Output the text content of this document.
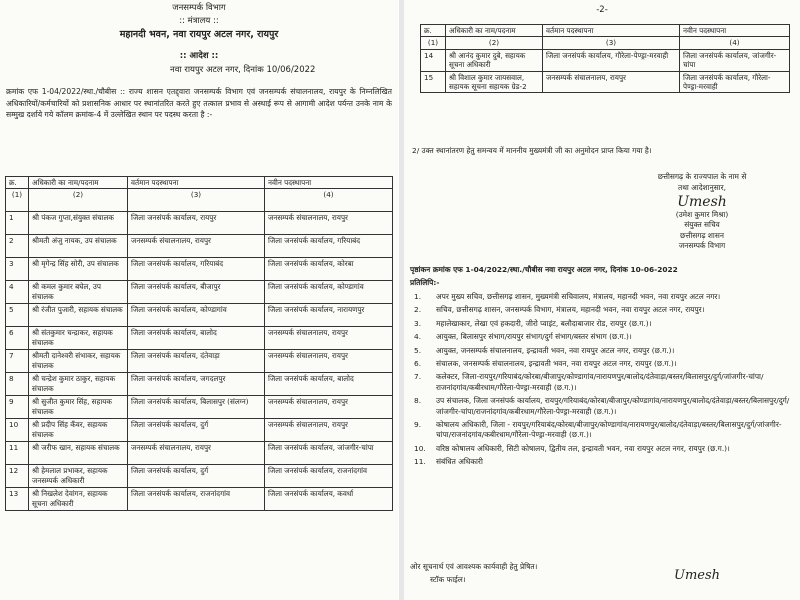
जनसम्पर्क विभाग
:: मंत्रालय ::
महानदी भवन, नवा रायपुर अटल नगर, रायपुर
:: आदेश ::
नवा रायपुर अटल नगर, दिनांक 10/06/2022
क्रमांक एफ 1-04/2022/स्था./चौबीस :: राज्य शासन एतद्द्वारा जनसम्पर्क विभाग एवं जनसम्पर्क संचालनालय, रायपुर के निम्नलिखित अधिकारियों/कर्मचारियों को प्रशासनिक आधार पर स्थानांतरित करते हुए तत्काल प्रभाव से अस्थाई रूप से आगामी आदेश पर्यन्त उनके नाम के सम्मुख दर्शाये गये कॉलम क्रमांक-4 में उल्लेखित स्थान पर पदस्थ करता है :-
क्र.	अधिकारी का नाम/पदनाम	वर्तमान पदस्थापना	नवीन पदस्थापना
(1)	(2)	(3)	(4)
1	श्री पंकज गुप्ता,संयुक्त संचालक	जिला जनसंपर्क कार्यालय, रायपुर	जनसम्पर्क संचालनालय, रायपुर
2	श्रीमती अंजु नायक, उप संचालक	जनसम्पर्क संचालनालय, रायपुर	जिला जनसंपर्क कार्यालय, गरियाबंद
3	श्री मृगेन्द्र सिंह सोरी, उप संचालक	जिला जनसंपर्क कार्यालय, गरियाबंद	जिला जनसंपर्क कार्यालय, कोरबा
4	श्री कमल कुमार बघेल, उप संचालक	जिला जनसंपर्क कार्यालय, बीजापुर	जिला जनसंपर्क कार्यालय, कोण्डागांव
5	श्री रंजीत पुजारी, सहायक संचालक	जिला जनसंपर्क कार्यालय, कोण्डागांव	जिला जनसंपर्क कार्यालय, नारायणपुर
6	श्री संतकुमार चन्द्राकर, सहायक संचालक	जिला जनसंपर्क कार्यालय, बालोद	जनसम्पर्क संचालनालय, रायपुर
7	श्रीमती दानेश्वरी संभाकर, सहायक संचालक	जिला जनसंपर्क कार्यालय, दंतेवाड़ा	जनसम्पर्क संचालनालय, रायपुर
8	श्री चन्द्रेश कुमार ठाकुर, सहायक संचालक	जिला जनसंपर्क कार्यालय, जगदलपुर	जिला जनसंपर्क कार्यालय, बालोद
9	श्री सुजीत कुमार सिंह, सहायक संचालक	जिला जनसंपर्क कार्यालय, बिलासपुर (संलग्न)	जनसम्पर्क संचालनालय, रायपुर
10	श्री प्रदीप सिंह कँवर, सहायक संचालक	जिला जनसंपर्क कार्यालय, दुर्ग	जनसम्पर्क संचालनालय, रायपुर
11	श्री जरीफ खान, सहायक संचालक	जनसम्पर्क संचालनालय, रायपुर	जिला जनसंपर्क कार्यालय, जांजगीर-चांपा
12	श्री हेमलाल प्रभाकर, सहायक जनसम्पर्क अधिकारी	जिला जनसंपर्क कार्यालय, दुर्ग	जिला जनसंपर्क कार्यालय, राजनांदगांव
13	श्री निखलेश देवांगन, सहायक सूचना अधिकारी	जिला जनसंपर्क कार्यालय, राजनांदगांव	जिला जनसंपर्क कार्यालय, कवर्धा
-2-
क्र.	अधिकारी का नाम/पदनाम	वर्तमान पदस्थापना	नवीन पदस्थापना
(1)	(2)	(3)	(4)
14	श्री आनंद कुमार दुबे, सहायक सूचना अधिकारी	जिला जनसंपर्क कार्यालय, गौरेला-पेण्ड्रा-मरवाही	जिला जनसंपर्क कार्यालय, जांजगीर-चांपा
15	श्री विशाल कुमार जायसवाल, सहायक सूचना सहायक ग्रेड-2	जनसम्पर्क संचालनालय, रायपुर	जिला जनसंपर्क कार्यालय, गौरेला-पेण्ड्रा-मरवाही
2/ उक्त स्थानांतरण हेतु समन्वय में माननीय मुख्यमंत्री जी का अनुमोदन प्राप्त किया गया है।
छत्तीसगढ़ के राज्यपाल के नाम से
तथा आदेशानुसार,
Umesh
(उमेश कुमार मिश्रा)
संयुक्त सचिव
छत्तीसगढ़ शासन
जनसम्पर्क विभाग
पृष्ठांकन क्रमांक एफ 1-04/2022/स्था./चौबीस नवा रायपुर अटल नगर, दिनांक 10-06-2022
प्रतिलिपि:-
1.	अपर मुख्य सचिव, छत्तीसगढ़ शासन, मुख्यमंत्री सचिवालय, मंत्रालय, महानदी भवन, नवा रायपुर अटल नगर।
2.	सचिव, छत्तीसगढ़ शासन, जनसम्पर्क विभाग, मंत्रालय, महानदी भवन, नवा रायपुर अटल नगर, रायपुर।
3.	महालेखाकार, लेखा एवं हकदारी, जीरो प्वाइंट, बलौदाबाजार रोड, रायपुर (छ.ग.)।
4.	आयुक्त, बिलासपुर संभाग/रायपुर संभाग/दुर्ग संभाग/बस्तर संभाग (छ.ग.)।
5.	आयुक्त, जनसम्पर्क संचालनालय, इन्द्रावती भवन, नवा रायपुर अटल नगर, रायपुर (छ.ग.)।
6.	संचालक, जनसम्पर्क संचालनालय, इन्द्रावती भवन, नवा रायपुर अटल नगर, रायपुर (छ.ग.)।
7.	कलेक्टर, जिला-रायपुर/गरियाबंद/कोरबा/बीजापुर/कोण्डागांव/नारायणपुर/बालोद/दंतेवाड़ा/बस्तर/बिलासपुर/दुर्ग/जांजगीर-चांपा/राजनांदगांव/कबीरधाम/गौरेला-पेण्ड्रा-मरवाही (छ.ग.)।
8.	उप संचालक, जिला जनसंपर्क कार्यालय, रायपुर/गरियाबंद/कोरबा/बीजापुर/कोण्डागांव/नारायणपुर/बालोद/दंतेवाड़ा/बस्तर/बिलासपुर/दुर्ग/जांजगीर-चांपा/राजनांदगांव/कबीरधाम/गौरेला-पेण्ड्रा-मरवाही (छ.ग.)।
9.	कोषालय अधिकारी, जिला - रायपुर/गरियाबंद/कोरबा/बीजापुर/कोण्डागांव/नारायणपुर/बालोद/दंतेवाड़ा/बस्तर/बिलासपुर/दुर्ग/जांजगीर-चांपा/राजनांदगांव/कबीरधाम/गौरेला-पेण्ड्रा-मरवाही (छ.ग.)।
10.	वरिष्ठ कोषालय अधिकारी, सिटी कोषालय, द्वितीय तल, इन्द्रावती भवन, नवा रायपुर अटल नगर, रायपुर (छ.ग.)।
11.	संबंधित अधिकारी
ओर सूचनार्थ एवं आवश्यक कार्यवाही हेतु प्रेषित।
स्टॉक फाईल।	Umesh
